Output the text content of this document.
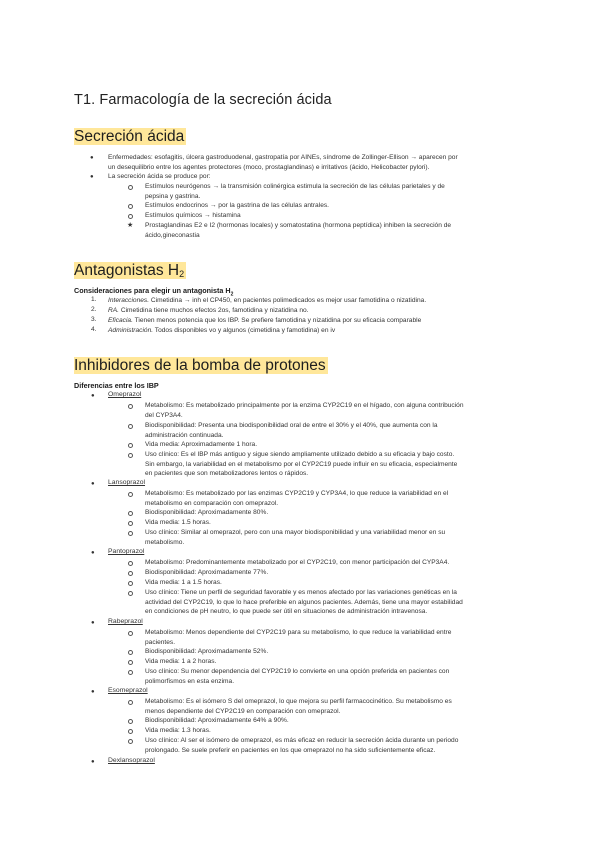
T1. Farmacología de la secreción ácida
Secreción ácida
● Enfermedades: esofagitis, úlcera gastroduodenal, gastropatía por AINEs, síndrome de Zollinger-Ellison → aparecen por
un desequilibrio entre los agentes protectores (moco, prostaglandinas) e irritativos (ácido, Helicobacter pylori).
● La secreción ácida se produce por:
Estímulos neurógenos → la transmisión colinérgica estimula la secreción de las células parietales y de
pepsina y gastrina.
Estímulos endocrinos → por la gastrina de las células antrales.
Estímulos químicos → histamina
★ Prostaglandinas E2 e I2 (hormonas locales) y somatostatina (hormona peptídica) inhiben la secreción de
ácido,gineconastia
Antagonistas $H_2$
Consideraciones para elegir un antagonista $H_2$
1. Interacciones. Cimetidina → inh el CP450, en pacientes polimedicados es mejor usar famotidina o nizatidina.
2. RA. Cimetidina tiene muchos efectos 2os, famotidina y nizatidina no.
3. Eficacia. Tienen menos potencia que los IBP. Se prefiere famotidina y nizatidina por su eficacia comparable
4. Administración. Todos disponibles vo y algunos (cimetidina y famotidina) en iv
Inhibidores de la bomba de protones
Diferencias entre los IBP
● Omeprazol
Metabolismo: Es metabolizado principalmente por la enzima CYP2C19 en el hígado, con alguna contribución
del CYP3A4.
Biodisponibilidad: Presenta una biodisponibilidad oral de entre el 30% y el 40%, que aumenta con la
administración continuada.
Vida media: Aproximadamente 1 hora.
Uso clínico: Es el IBP más antiguo y sigue siendo ampliamente utilizado debido a su eficacia y bajo costo.
Sin embargo, la variabilidad en el metabolismo por el CYP2C19 puede influir en su eficacia, especialmente
en pacientes que son metabolizadores lentos o rápidos.
● Lansoprazol
Metabolismo: Es metabolizado por las enzimas CYP2C19 y CYP3A4, lo que reduce la variabilidad en el
metabolismo en comparación con omeprazol.
Biodisponibilidad: Aproximadamente 80%.
Vida media: 1.5 horas.
Uso clínico: Similar al omeprazol, pero con una mayor biodisponibilidad y una variabilidad menor en su
metabolismo.
● Pantoprazol
Metabolismo: Predominantemente metabolizado por el CYP2C19, con menor participación del CYP3A4.
Biodisponibilidad: Aproximadamente 77%.
Vida media: 1 a 1.5 horas.
Uso clínico: Tiene un perfil de seguridad favorable y es menos afectado por las variaciones genéticas en la
actividad del CYP2C19, lo que lo hace preferible en algunos pacientes. Además, tiene una mayor estabilidad
en condiciones de pH neutro, lo que puede ser útil en situaciones de administración intravenosa.
● Rabeprazol
Metabolismo: Menos dependiente del CYP2C19 para su metabolismo, lo que reduce la variabilidad entre
pacientes.
Biodisponibilidad: Aproximadamente 52%.
Vida media: 1 a 2 horas.
Uso clínico: Su menor dependencia del CYP2C19 lo convierte en una opción preferida en pacientes con
polimorfismos en esta enzima.
● Esomeprazol
Metabolismo: Es el isómero S del omeprazol, lo que mejora su perfil farmacocinético. Su metabolismo es
menos dependiente del CYP2C19 en comparación con omeprazol.
Biodisponibilidad: Aproximadamente 64% a 90%.
Vida media: 1.3 horas.
Uso clínico: Al ser el isómero de omeprazol, es más eficaz en reducir la secreción ácida durante un periodo
prolongado. Se suele preferir en pacientes en los que omeprazol no ha sido suficientemente eficaz.
● Dexlansoprazol
